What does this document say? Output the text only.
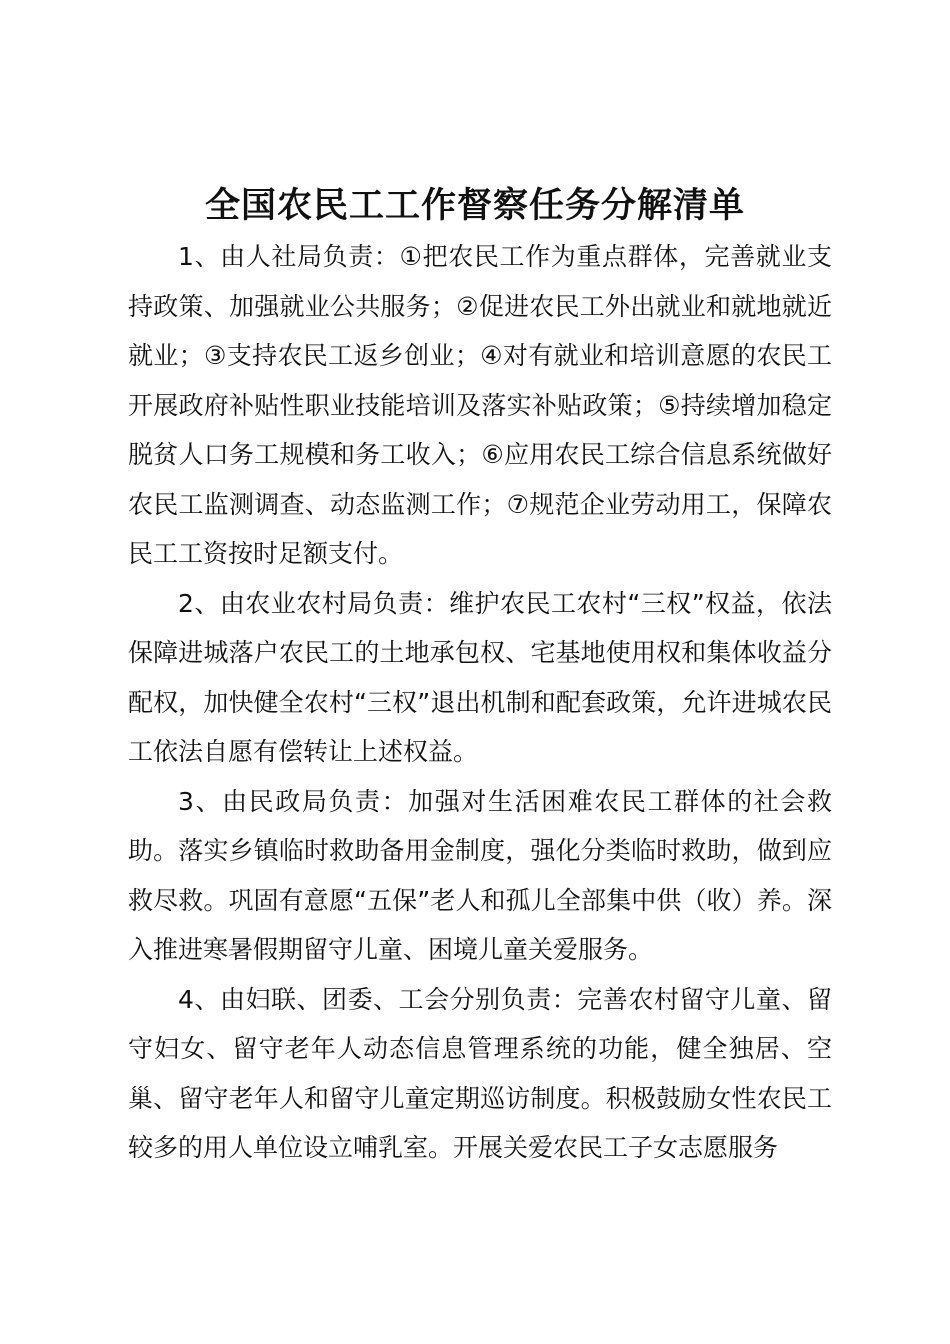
全国农民工工作督察任务分解清单

1、由人社局负责：①把农民工作为重点群体，完善就业支持政策、加强就业公共服务；②促进农民工外出就业和就地就近就业；③支持农民工返乡创业；④对有就业和培训意愿的农民工开展政府补贴性职业技能培训及落实补贴政策；⑤持续增加稳定脱贫人口务工规模和务工收入；⑥应用农民工综合信息系统做好农民工监测调查、动态监测工作；⑦规范企业劳动用工，保障农民工工资按时足额支付。

2、由农业农村局负责：维护农民工农村“三权”权益，依法保障进城落户农民工的土地承包权、宅基地使用权和集体收益分配权，加快健全农村“三权”退出机制和配套政策，允许进城农民工依法自愿有偿转让上述权益。

3、由民政局负责：加强对生活困难农民工群体的社会救助。落实乡镇临时救助备用金制度，强化分类临时救助，做到应救尽救。巩固有意愿“五保”老人和孤儿全部集中供（收）养。深入推进寒暑假期留守儿童、困境儿童关爱服务。

4、由妇联、团委、工会分别负责：完善农村留守儿童、留守妇女、留守老年人动态信息管理系统的功能，健全独居、空巢、留守老年人和留守儿童定期巡访制度。积极鼓励女性农民工较多的用人单位设立哺乳室。开展关爱农民工子女志愿服务
